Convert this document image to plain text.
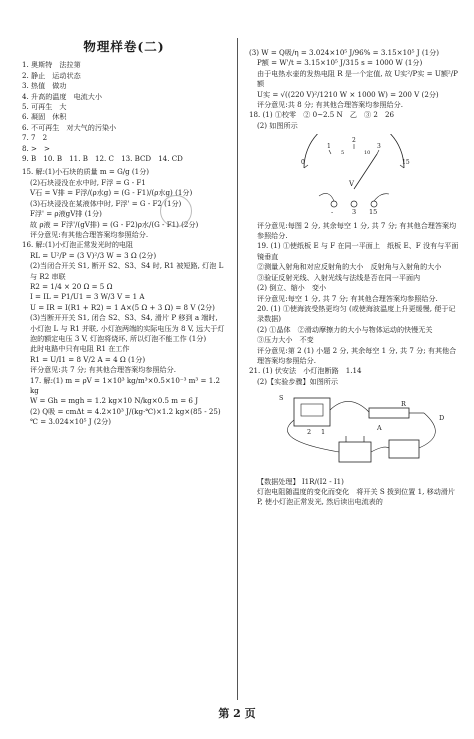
物理样卷(二)
1. 奥斯特　法拉第
2. 静止　运动状态
3. 热值　做功
4. 升高的温度　电流大小
5. 可再生　大
6. 凝固　休积
6. 不可再生　对大气的污染小
7. 7　2
8. >　>
9. B　10. B　11. B　12. C　13. BCD　14. CD
15. 解:(1)小石块的质量 m = G/g (1分)
(2)石块浸没在水中时, F浮 = G - F1
V石 = V排 = F浮/(ρ水g) = (G - F1)/(ρ水g) (1分)
(3)石块浸没在某液体中时, F浮' = G - F2 (1分)
F浮' = ρ液gV排 (1分)
故 ρ液 = F浮'/(gV排) = (G - F2)ρ水/(G - F1) (2分)
评分意见:有其他合理答案均参照给分.
16. 解:(1)小灯泡正常发光时的电阻
RL = U²/P = (3 V)²/3 W = 3 Ω (2分)
(2)当闭合开关 S1, 断开 S2、S3、S4 时, R1 被短路, 灯泡 L 与 R2 串联
R2 = 1/4 × 20 Ω = 5 Ω
I = IL = P1/U1 = 3 W/3 V = 1 A
U = IR = I(R1 + R2) = 1 A×(5 Ω + 3 Ω) = 8 V (2分)
(3)当断开开关 S1, 闭合 S2、S3、S4, 滑片 P 移到 a 端时, 小灯泡 L 与 R1 并联, 小灯泡两端的实际电压为 8 V, 远大于灯泡的额定电压 3 V, 灯泡将烧坏, 所以灯泡不能工作 (1分)
此时电路中只有电阻 R1 在工作
R1 = U/I1 = 8 V/2 A = 4 Ω (1分)
评分意见:共 7 分; 有其他合理答案均参照给分.
17. 解:(1) m = ρV = 1×10³ kg/m³×0.5×10⁻³ m³ = 1.2 kg
W = Gh = mgh = 1.2 kg×10 N/kg×0.5 m = 6 J
(2) Q吸 = cmΔt = 4.2×10³ J/(kg·℃)×1.2 kg×(85 - 25) ℃ = 3.024×10⁵ J (2分)
(3) W = Q吸/η = 3.024×10⁵ J/96% = 3.15×10⁵ J (1分)
P额 = W'/t = 3.15×10⁵ J/315 s = 1000 W (1分)
由于电热水壶的发热电阻 R 是一个定值, 故 U实²/P实 = U额²/P额
U实 = √((220 V)²/1210 W × 1000 W) = 200 V (2分)
评分意见:共 8 分; 有其他合理答案均参照给分.
18. (1) ①校零　② 0~2.5 N　乙　③ 2　26
(2) 如图所示
V
-	3 15
0
1
2
3
15
5	10
评分意见:每图 2 分, 其余每空 1 分, 共 7 分; 有其他合理答案均参照给分.
19. (1) ①使纸板 E 与 F 在同一平面上　纸板 E、F 没有与平面镜垂直
②测量入射角和对应反射角的大小　反射角与入射角的大小
③验证反射光线、入射光线与法线是否在同一平面内
(2) 倒立、缩小　变小
评分意见:每空 1 分, 共 7 分; 有其他合理答案均参照给分.
20. (1) ①使海波受热更均匀 (或使海波温度上升更缓慢, 便于记录数据)
(2) ①晶体　②滑动摩擦力的大小与物体运动的快慢无关
③压力大小　不变
评分意见:第 2 (1) 小题 2 分, 其余每空 1 分, 共 7 分; 有其他合理答案均参照给分.
21. (1) 伏安法　小灯泡断路　1.14
(2)【实验步骤】如图所示
S
2 1	A
D
R
【数据处理】 I1R/(I2 - I1)
灯泡电阻随温度的变化而变化　将开关 S 拨到位置 1, 移动滑片 P, 使小灯泡正常发光, 然后读出电流表的
第 2 页
